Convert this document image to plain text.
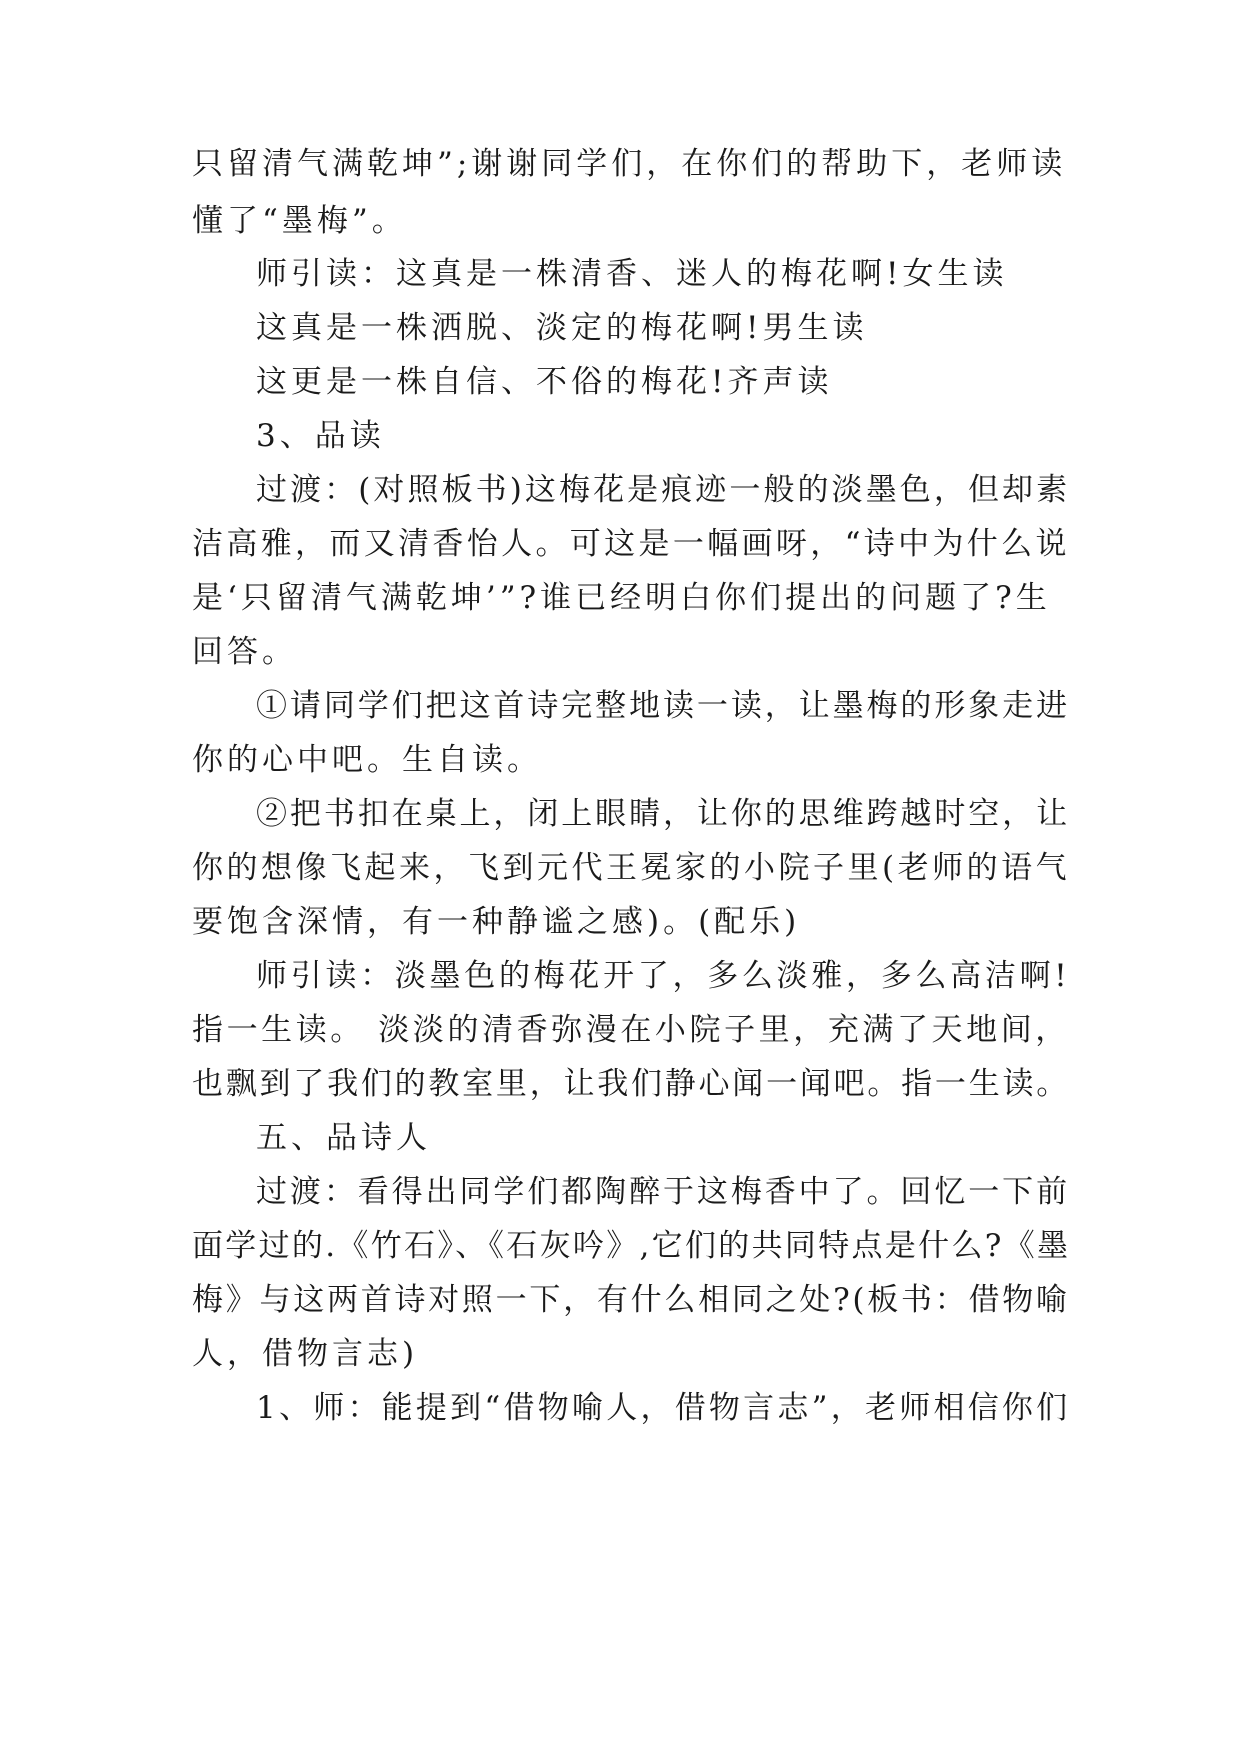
只留清气满乾坤”;谢谢同学们，在你们的帮助下，老师读
懂了“墨梅”。
师引读：这真是一株清香、迷人的梅花啊!女生读
这真是一株洒脱、淡定的梅花啊!男生读
这更是一株自信、不俗的梅花!齐声读
3、品读
过渡：(对照板书)这梅花是痕迹一般的淡墨色，但却素
洁高雅，而又清香怡人。可这是一幅画呀，“诗中为什么说
是‘只留清气满乾坤’”?谁已经明白你们提出的问题了?生
回答。
①请同学们把这首诗完整地读一读，让墨梅的形象走进
你的心中吧。生自读。
②把书扣在桌上，闭上眼睛，让你的思维跨越时空，让
你的想像飞起来，飞到元代王冕家的小院子里(老师的语气
要饱含深情，有一种静谧之感)。(配乐)
师引读：淡墨色的梅花开了，多么淡雅，多么高洁啊!
指一生读。 淡淡的清香弥漫在小院子里，充满了天地间，
也飘到了我们的教室里，让我们静心闻一闻吧。指一生读。
五、品诗人
过渡：看得出同学们都陶醉于这梅香中了。回忆一下前
面学过的.《竹石》、《石灰吟》,它们的共同特点是什么?《墨
梅》与这两首诗对照一下，有什么相同之处?(板书：借物喻
人，借物言志)
1、师：能提到“借物喻人，借物言志”，老师相信你们
